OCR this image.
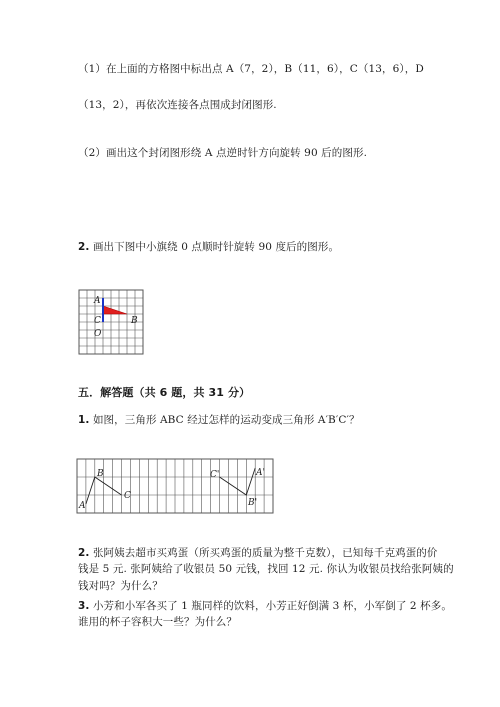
（1）在上面的方格图中标出点 A（7，2），B（11，6），C（13，6），D
（13，2），再依次连接各点围成封闭图形.
（2）画出这个封闭图形绕 A 点逆时针方向旋转 90 后的图形.
2. 画出下图中小旗绕 0 点顺时针旋转 90 度后的图形。
A
B
C
O
五．解答题（共 6 题，共 31 分）
1. 如图，三角形 ABC 经过怎样的运动变成三角形 A′B′C′？
A
B
C
A'
B'
C'
2. 张阿姨去超市买鸡蛋（所买鸡蛋的质量为整千克数），已知每千克鸡蛋的价
钱是 5 元. 张阿姨给了收银员 50 元钱，找回 12 元. 你认为收银员找给张阿姨的
钱对吗？为什么？
3. 小芳和小军各买了 1 瓶同样的饮料，小芳正好倒满 3 杯，小军倒了 2 杯多。
谁用的杯子容积大一些？为什么？
